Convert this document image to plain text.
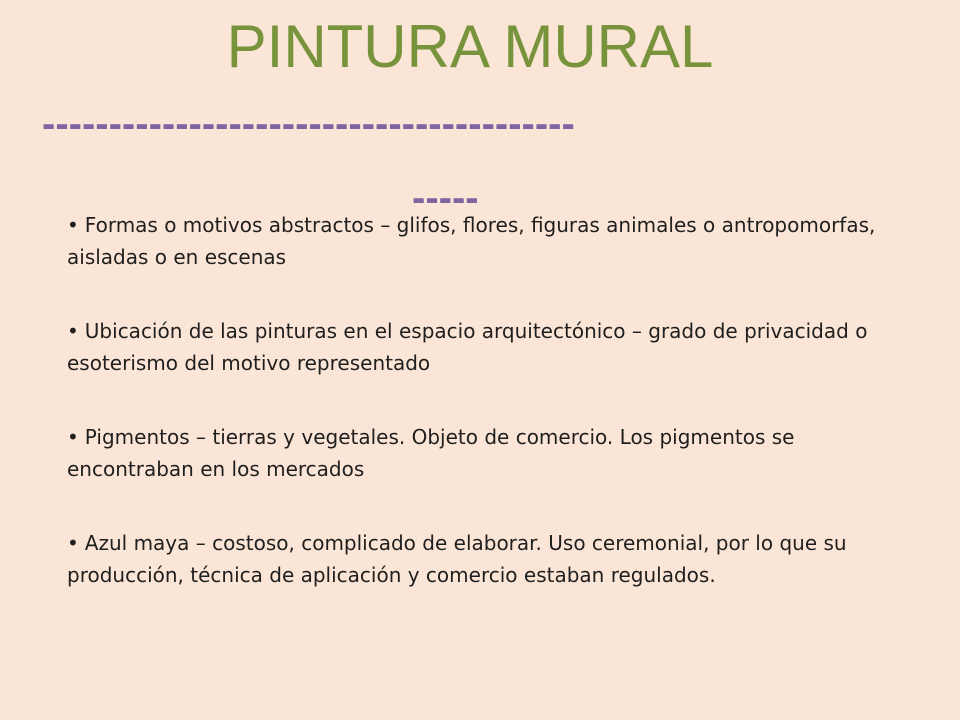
PINTURA MURAL
----------------------------------------
-----

• Formas o motivos abstractos – glifos, flores, figuras animales o antropomorfas, aisladas o en escenas

• Ubicación de las pinturas en el espacio arquitectónico – grado de privacidad o esoterismo del motivo representado

• Pigmentos – tierras y vegetales. Objeto de comercio. Los pigmentos se encontraban en los mercados

• Azul maya – costoso, complicado de elaborar. Uso ceremonial, por lo que su producción, técnica de aplicación y comercio estaban regulados.
